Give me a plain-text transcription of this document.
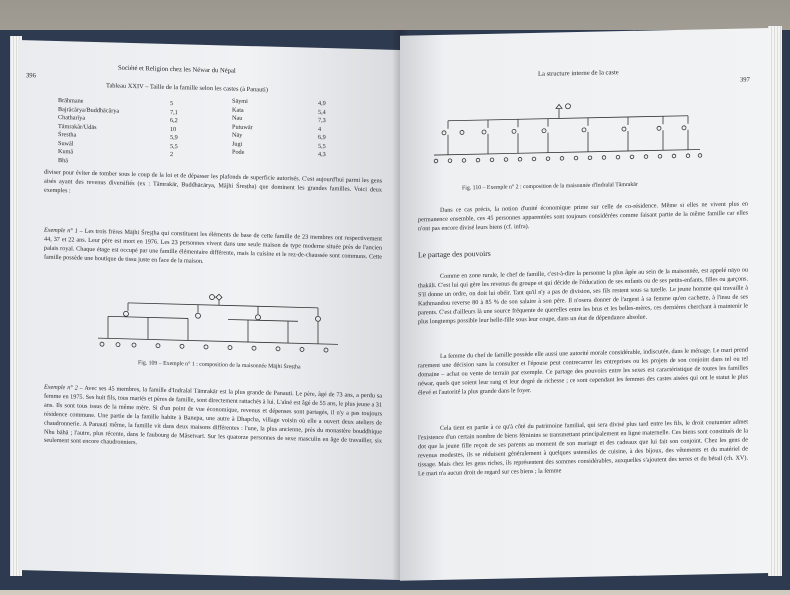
396
Société et Religion chez les Néwar du Népal
Tableau XXIV – Taille de la famille selon les castes (à Panauti)
Brāhmane
Bajrācārya/Buddhācārya
Chatharīya
Tāmrakār/Udās
Śrestha
Suwāl
Kumā
Bhā
5
7,1
6,2
10
5,9
5,5
2
Sāymi
Kata
Nau
Putuwār
Nāy
Jugi
Pode
4,9
5,4
7,3
4
6,9
5,5
4,3
diviser pour éviter de tomber sous le coup de la loi et de dépasser les plafonds de superficie autorisés. C'est aujourd'hui parmi les gens aisés ayant des revenus diversifiés (ex : Tāmrakār, Buddhācārya, Mājhi Śreṣṭha) que dominent les grandes familles. Voici deux exemples :
Exemple n° 1 – Les trois frères Mājhi Śreṣṭha qui constituent les éléments de base de cette famille de 23 membres ont respectivement 44, 37 et 22 ans. Leur père est mort en 1976. Les 23 personnes vivent dans une seule maison de type moderne située près de l'ancien palais royal. Chaque étage est occupé par une famille élémentaire différente, mais la cuisine et le rez-de-chaussée sont communs. Cette famille possède une boutique de tissu juste en face de la maison.
Fig. 109 – Exemple n° 1 : composition de la maisonnée Mājhi Śreṣṭha
Exemple n° 2 – Avec ses 45 membres, la famille d'Indralal Tāmrakār est la plus grande de Panauti. Le père, âgé de 73 ans, a perdu sa femme en 1975. Ses huit fils, tous mariés et pères de famille, sont directement rattachés à lui. L'aîné est âgé de 55 ans, le plus jeune a 31 ans. Ils sont tous issus de la même mère. Si d'un point de vue économique, revenus et dépenses sont partagés, il n'y a pas toujours résidence commune. Une partie de la famille habite à Banepa, une autre à Dhapcha, village voisin où elle a ouvert deux ateliers de chaudronnerie. A Panauti même, la famille vit dans deux maisons différentes : l'une, la plus ancienne, près du monastère bouddhique Nhu bāhā ; l'autre, plus récente, dans le faubourg de Māsetvarī. Sur les quatorze personnes de sexe masculin en âge de travailler, six seulement sont encore chaudronniers.
La structure interne de la caste
397
Fig. 110 – Exemple n° 2 : composition de la maisonnée d'Indralal Tāmrakār
Dans ce cas précis, la notion d'unité économique prime sur celle de co-résidence. Même si elles ne vivent plus en permanence ensemble, ces 45 personnes apparentées sont toujours considérées comme faisant partie de la même famille car elles n'ont pas encore divisé leurs biens (cf. infra).
Le partage des pouvoirs
Comme en zone rurale, le chef de famille, c'est-à-dire la personne la plus âgée au sein de la maisonnée, est appelé nāyo ou thakāli. C'est lui qui gère les revenus du groupe et qui décide de l'éducation de ses enfants ou de ses petits-enfants, filles ou garçons. S'il donne un ordre, on doit lui obéir. Tant qu'il n'y a pas de division, ses fils restent sous sa tutelle. Le jeune homme qui travaille à Kathmandou reverse 80 à 85 % de son salaire à son père. Il n'osera donner de l'argent à sa femme qu'en cachette, à l'insu de ses parents. C'est d'ailleurs là une source fréquente de querelles entre les brus et les belles-mères, ces dernières cherchant à maintenir le plus longtemps possible leur belle-fille sous leur coupe, dans un état de dépendance absolue.
La femme du chef de famille possède elle aussi une autorité morale considérable, indiscutée, dans le ménage. Le mari prend rarement une décision sans la consulter et l'épouse peut contrecarrer les entreprises ou les projets de son conjoint dans tel ou tel domaine – achat ou vente de terrain par exemple. Ce partage des pouvoirs entre les sexes est caractéristique de toutes les familles néwar, quels que soient leur rang et leur degré de richesse ; ce sont cependant les femmes des castes aisées qui ont le statut le plus élevé et l'autorité la plus grande dans le foyer.
Cela tient en partie à ce qu'à côté du patrimoine familial, qui sera divisé plus tard entre les fils, le droit coutumier admet l'existence d'un certain nombre de biens féminins se transmettant principalement en ligne maternelle. Ces biens sont constitués de la dot que la jeune fille reçoit de ses parents au moment de son mariage et des cadeaux que lui fait son conjoint. Chez les gens de revenus modestes, ils se réduisent généralement à quelques ustensiles de cuisine, à des bijoux, des vêtements et du matériel de tissage. Mais chez les gens riches, ils représentent des sommes considérables, auxquelles s'ajoutent des terres et du bétail (ch. XV). Le mari n'a aucun droit de regard sur ces biens ; la femme
